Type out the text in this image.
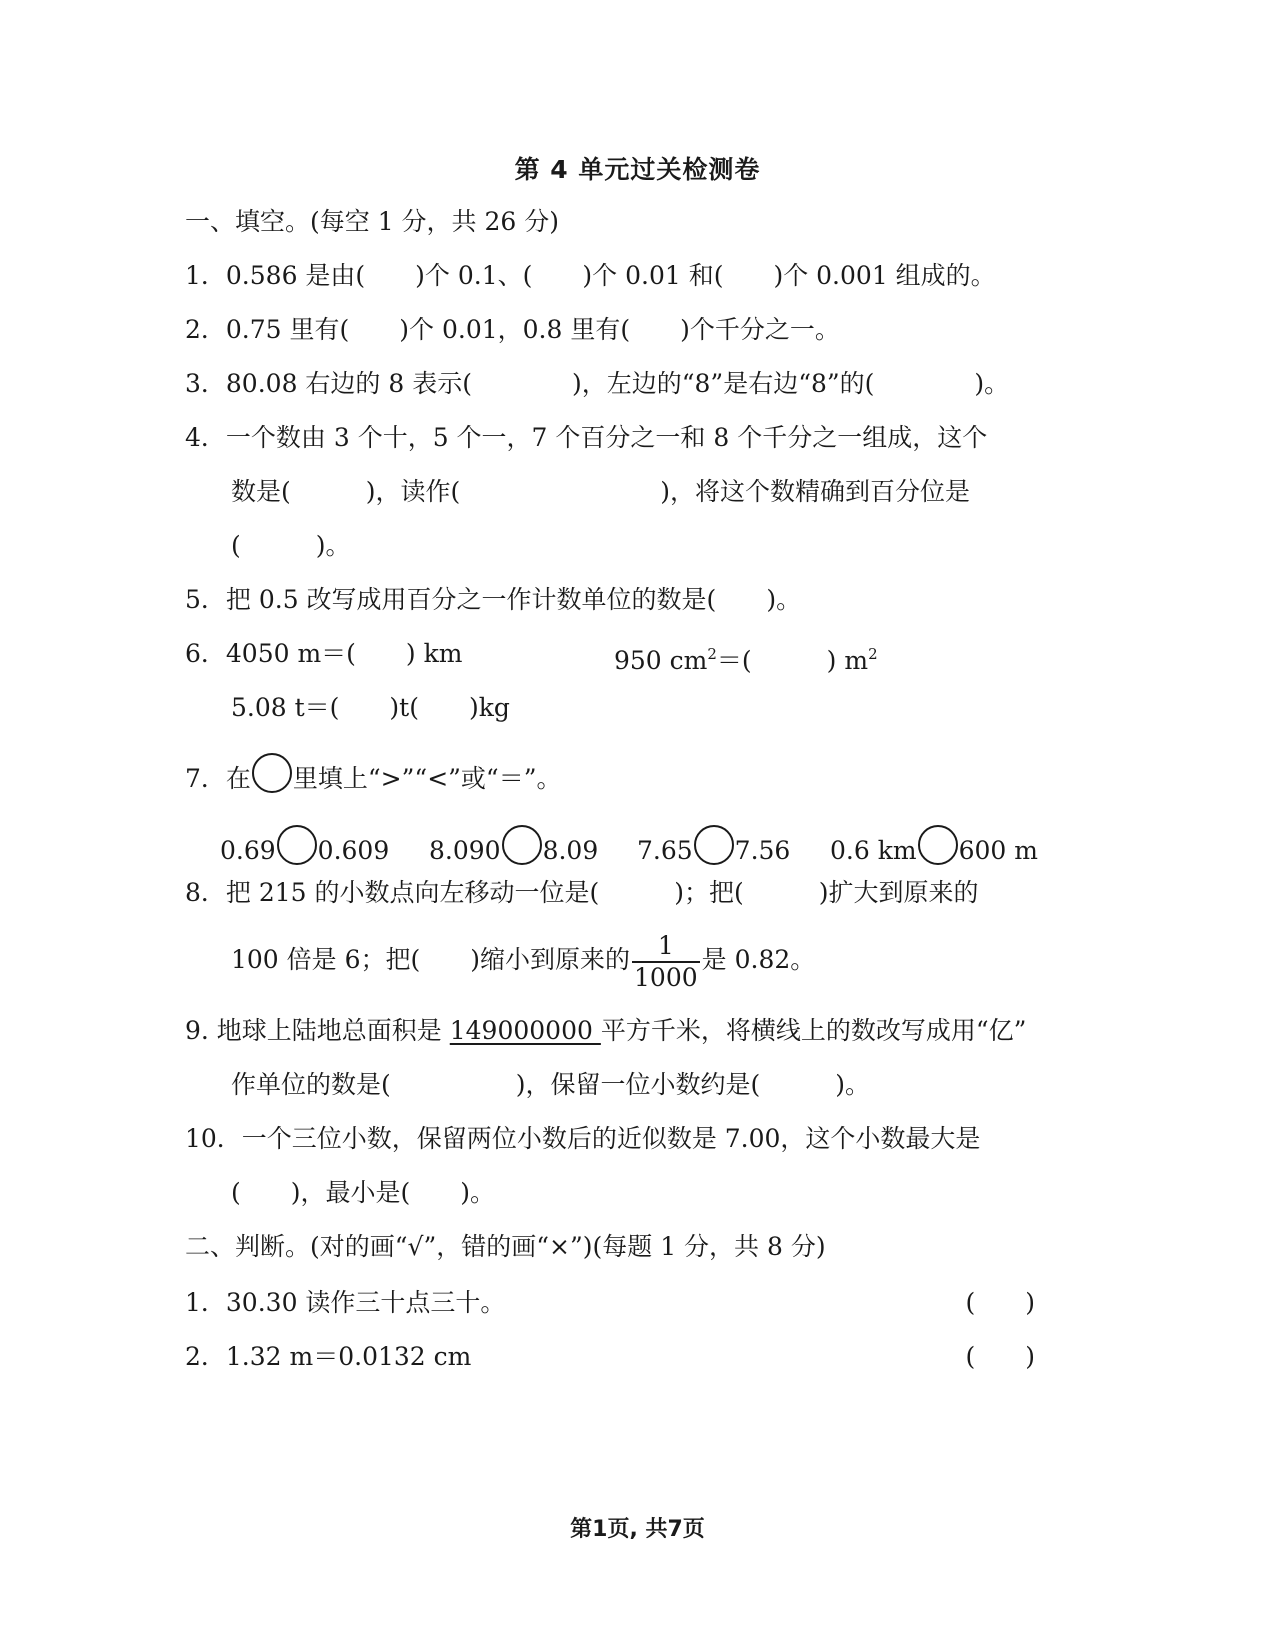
第 4 单元过关检测卷
一、填空。(每空 1 分，共 26 分)
1．0.586 是由(　　)个 0.1、(　　)个 0.01 和(　　)个 0.001 组成的。
2．0.75 里有(　　)个 0.01，0.8 里有(　　)个千分之一。
3．80.08 右边的 8 表示(　　　　)，左边的“8”是右边“8”的(　　　　)。
4．一个数由 3 个十，5 个一，7 个百分之一和 8 个千分之一组成，这个
数是(　　　)，读作(　　　　　　　　)，将这个数精确到百分位是
(　　　)。
5．把 0.5 改写成用百分之一作计数单位的数是(　　)。
6．4050 m＝(　　) km	950 $cm^2=$(　　　) $m^2$
5.08 t＝(　　)t(　　)kg
7．在 里填上“>”“<”或“＝”。
0.69 0.609 8.090 8.09 7.65 7.56 0.6 km 600 m
8．把 215 的小数点向左移动一位是(　　　)；把(　　　)扩大到原来的
100 倍是 6；把(　　)缩小到原来的 $\frac{1}{1000}$ 是 0.82。
9. 地球上陆地总面积是 149000000 平方千米，将横线上的数改写成用“亿”
作单位的数是(　　　　　)，保留一位小数约是(　　　)。
10．一个三位小数，保留两位小数后的近似数是 7.00，这个小数最大是
(　　)，最小是(　　)。
二、判断。(对的画“√”，错的画“×”)(每题 1 分，共 8 分)
1．30.30 读作三十点三十。	(　　)
2．1.32 m＝0.0132 cm	(　　)
第1页, 共7页
